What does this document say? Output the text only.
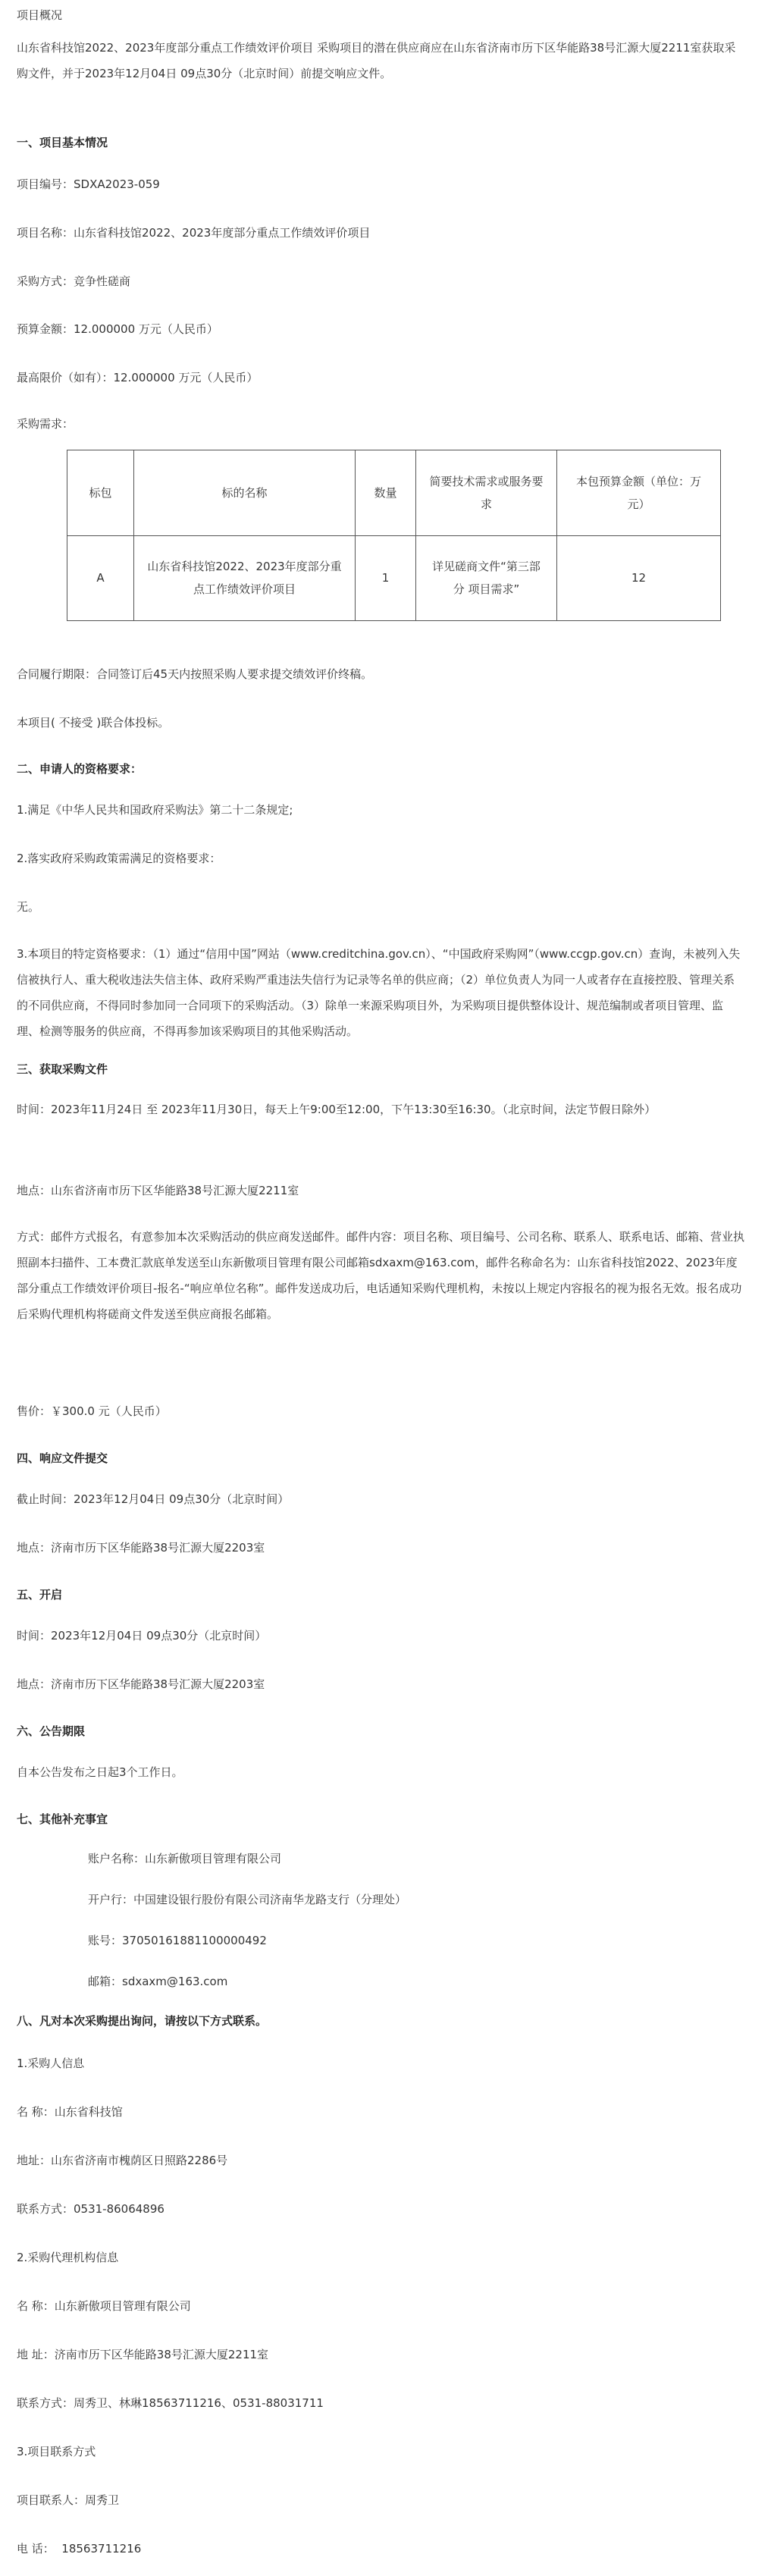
项目概况
山东省科技馆2022、2023年度部分重点工作绩效评价项目 采购项目的潜在供应商应在山东省济南市历下区华能路38号汇源大厦2211室获取采购文件，并于2023年12月04日 09点30分（北京时间）前提交响应文件。
一、项目基本情况
项目编号：SDXA2023-059
项目名称：山东省科技馆2022、2023年度部分重点工作绩效评价项目
采购方式：竞争性磋商
预算金额：12.000000 万元（人民币）
最高限价（如有）：12.000000 万元（人民币）
采购需求：
标包	标的名称	数量	简要技术需求或服务要求	本包预算金额（单位：万元）
A	山东省科技馆2022、2023年度部分重点工作绩效评价项目	1	详见磋商文件“第三部分 项目需求”	12
合同履行期限：合同签订后45天内按照采购人要求提交绩效评价终稿。
本项目( 不接受 )联合体投标。
二、申请人的资格要求：
1.满足《中华人民共和国政府采购法》第二十二条规定;
2.落实政府采购政策需满足的资格要求：
无。
3.本项目的特定资格要求：（1）通过“信用中国”网站（www.creditchina.gov.cn）、“中国政府采购网”（www.ccgp.gov.cn）查询，未被列入失信被执行人、重大税收违法失信主体、政府采购严重违法失信行为记录等名单的供应商；（2）单位负责人为同一人或者存在直接控股、管理关系的不同供应商，不得同时参加同一合同项下的采购活动。（3）除单一来源采购项目外，为采购项目提供整体设计、规范编制或者项目管理、监理、检测等服务的供应商，不得再参加该采购项目的其他采购活动。
三、获取采购文件
时间：2023年11月24日 至 2023年11月30日，每天上午9:00至12:00，下午13:30至16:30。（北京时间，法定节假日除外）
地点：山东省济南市历下区华能路38号汇源大厦2211室
方式：邮件方式报名，有意参加本次采购活动的供应商发送邮件。邮件内容：项目名称、项目编号、公司名称、联系人、联系电话、邮箱、营业执照副本扫描件、工本费汇款底单发送至山东新傲项目管理有限公司邮箱sdxaxm@163.com，邮件名称命名为：山东省科技馆2022、2023年度部分重点工作绩效评价项目-报名-“响应单位名称”。邮件发送成功后，电话通知采购代理机构，未按以上规定内容报名的视为报名无效。报名成功后采购代理机构将磋商文件发送至供应商报名邮箱。
售价：￥300.0 元（人民币）
四、响应文件提交
截止时间：2023年12月04日 09点30分（北京时间）
地点：济南市历下区华能路38号汇源大厦2203室
五、开启
时间：2023年12月04日 09点30分（北京时间）
地点：济南市历下区华能路38号汇源大厦2203室
六、公告期限
自本公告发布之日起3个工作日。
七、其他补充事宜
账户名称：山东新傲项目管理有限公司
开户行：中国建设银行股份有限公司济南华龙路支行（分理处）
账号：37050161881100000492
邮箱：sdxaxm@163.com
八、凡对本次采购提出询问，请按以下方式联系。
1.采购人信息
名 称：山东省科技馆
地址：山东省济南市槐荫区日照路2286号
联系方式：0531-86064896
2.采购代理机构信息
名 称：山东新傲项目管理有限公司
地 址：济南市历下区华能路38号汇源大厦2211室
联系方式：周秀卫、林琳18563711216、0531-88031711
3.项目联系方式
项目联系人：周秀卫
电 话：  18563711216
